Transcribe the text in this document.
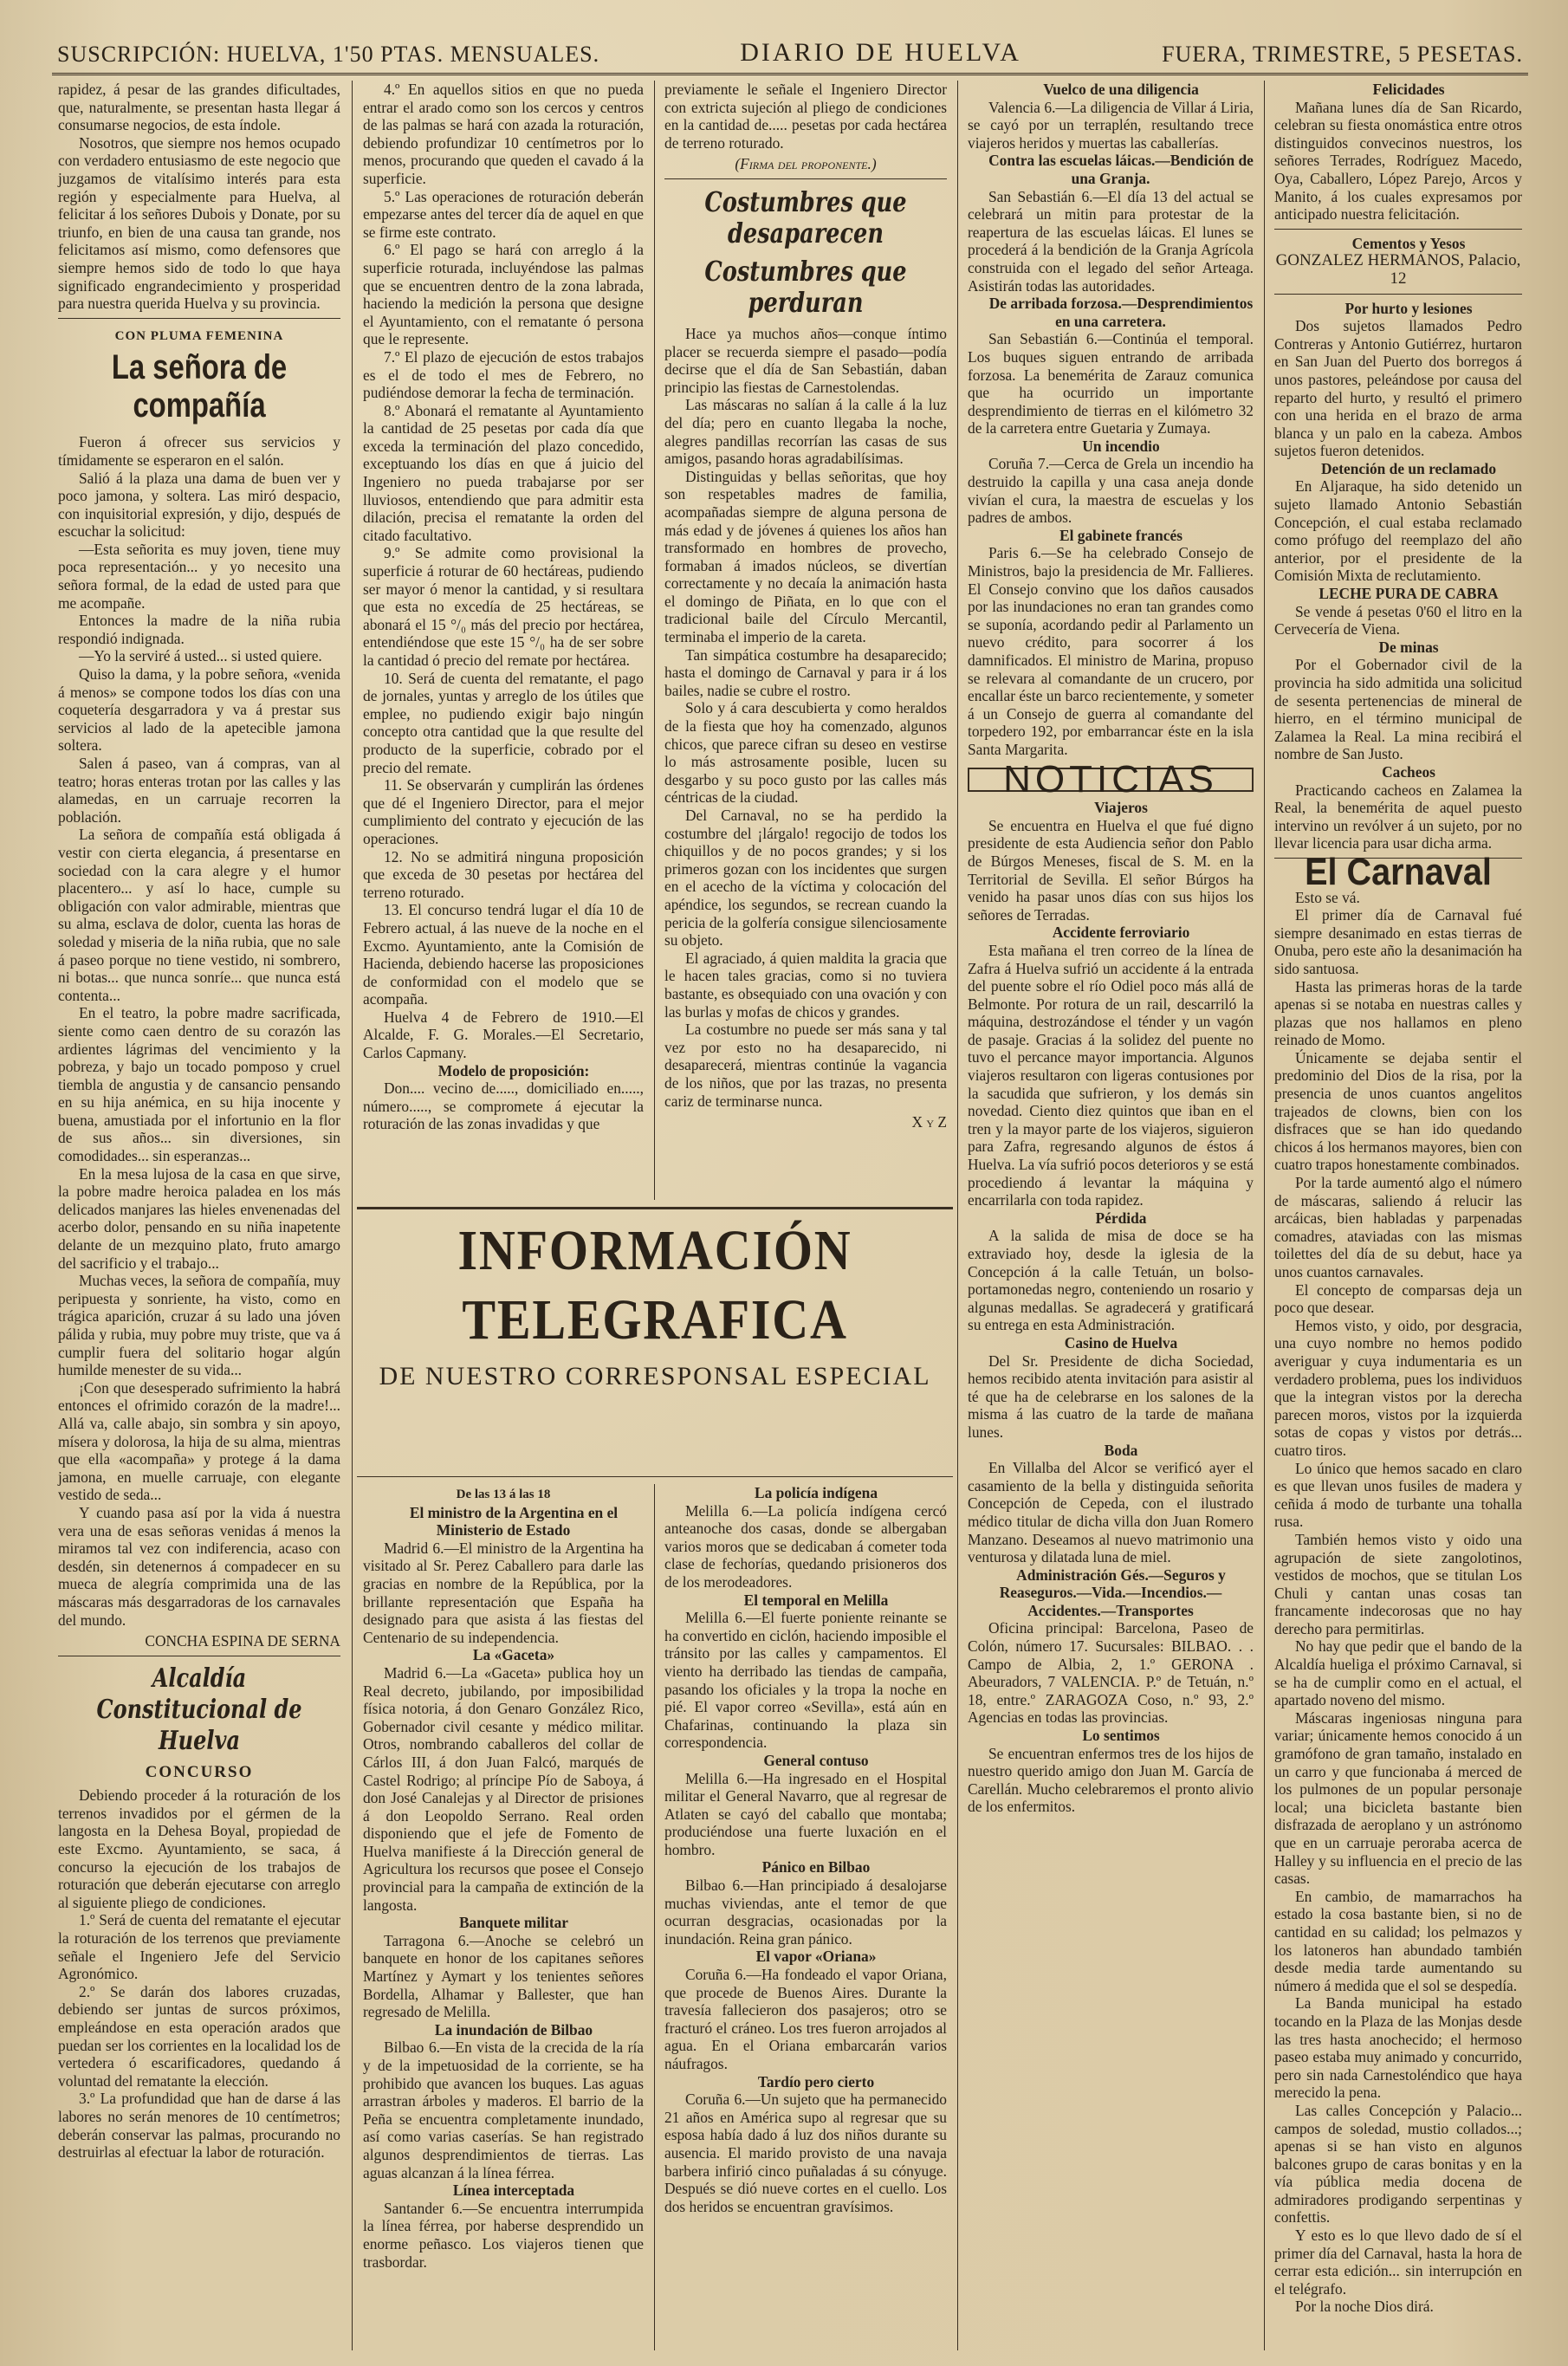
SUSCRIPCIÓN: HUELVA, 1'50 PTAS. MENSUALES.	DIARIO DE HUELVA	FUERA, TRIMESTRE, 5 PESETAS.

rapidez, á pesar de las grandes dificultades, que, naturalmente, se presentan hasta llegar á consumarse negocios, de esta índole.

Nosotros, que siempre nos hemos ocupado con verdadero entusiasmo de este negocio que juzgamos de vitalísimo interés para esta región y especialmente para Huelva, al felicitar á los señores Dubois y Donate, por su triunfo, en bien de una causa tan grande, nos felicitamos así mismo, como defensores que siempre hemos sido de todo lo que haya significado engrandecimiento y prosperidad para nuestra querida Huelva y su provincia.

CON PLUMA FEMENINA
La señora de compañía

Fueron á ofrecer sus servicios y tímidamente se esperaron en el salón.

Salió á la plaza una dama de buen ver y poco jamona, y soltera. Las miró despacio, con inquisitorial expresión, y dijo, después de escuchar la solicitud:

—Esta señorita es muy joven, tiene muy poca representación... y yo necesito una señora formal, de la edad de usted para que me acompañe.

Entonces la madre de la niña rubia respondió indignada.

—Yo la serviré á usted... si usted quiere.

Quiso la dama, y la pobre señora, «venida á menos» se compone todos los días con una coquetería desgarradora y va á prestar sus servicios al lado de la apetecible jamona soltera.

Salen á paseo, van á compras, van al teatro; horas enteras trotan por las calles y las alamedas, en un carruaje recorren la población.

La señora de compañía está obligada á vestir con cierta elegancia, á presentarse en sociedad con la cara alegre y el humor placentero... y así lo hace, cumple su obligación con valor admirable, mientras que su alma, esclava de dolor, cuenta las horas de soledad y miseria de la niña rubia, que no sale á paseo porque no tiene vestido, ni sombrero, ni botas... que nunca sonríe... que nunca está contenta...

En el teatro, la pobre madre sacrificada, siente como caen dentro de su corazón las ardientes lágrimas del vencimiento y la pobreza, y bajo un tocado pomposo y cruel tiembla de angustia y de cansancio pensando en su hija anémica, en su hija inocente y buena, amustiada por el infortunio en la flor de sus años... sin diversiones, sin comodidades... sin esperanzas...

En la mesa lujosa de la casa en que sirve, la pobre madre heroica paladea en los más delicados manjares las hieles envenenadas del acerbo dolor, pensando en su niña inapetente delante de un mezquino plato, fruto amargo del sacrificio y el trabajo...

Muchas veces, la señora de compañía, muy peripuesta y sonriente, ha visto, como en trágica aparición, cruzar á su lado una jóven pálida y rubia, muy pobre muy triste, que va á cumplir fuera del solitario hogar algún humilde menester de su vida...

¡Con que desesperado sufrimiento la habrá entonces el ofrimido corazón de la madre!... Allá va, calle abajo, sin sombra y sin apoyo, mísera y dolorosa, la hija de su alma, mientras que ella «acompaña» y protege á la dama jamona, en muelle carruaje, con elegante vestido de seda...

Y cuando pasa así por la vida á nuestra vera una de esas señoras venidas á menos la miramos tal vez con indiferencia, acaso con desdén, sin detenernos á compadecer en su mueca de alegría comprimida una de las máscaras más desgarradoras de los carnavales del mundo.

CONCHA ESPINA DE SERNA
Alcaldía Constitucional de Huelva
CONCURSO

Debiendo proceder á la roturación de los terrenos invadidos por el gérmen de la langosta en la Dehesa Boyal, propiedad de este Excmo. Ayuntamiento, se saca, á concurso la ejecución de los trabajos de roturación que deberán ejecutarse con arreglo al siguiente pliego de condiciones.

1.º Será de cuenta del rematante el ejecutar la roturación de los terrenos que previamente señale el Ingeniero Jefe del Servicio Agronómico.

2.º Se darán dos labores cruzadas, debiendo ser juntas de surcos próximos, empleándose en esta operación arados que puedan ser los corrientes en la localidad los de vertedera ó escarificadores, quedando á voluntad del rematante la elección.

3.º La profundidad que han de darse á las labores no serán menores de 10 centímetros; deberán conservar las palmas, procurando no destruirlas al efectuar la labor de roturación.

4.º En aquellos sitios en que no pueda entrar el arado como son los cercos y centros de las palmas se hará con azada la roturación, debiendo profundizar 10 centímetros por lo menos, procurando que queden el cavado á la superficie.

5.º Las operaciones de roturación deberán empezarse antes del tercer día de aquel en que se firme este contrato.

6.º El pago se hará con arreglo á la superficie roturada, incluyéndose las palmas que se encuentren dentro de la zona labrada, haciendo la medición la persona que designe el Ayuntamiento, con el rematante ó persona que le represente.

7.º El plazo de ejecución de estos trabajos es el de todo el mes de Febrero, no pudiéndose demorar la fecha de terminación.

8.º Abonará el rematante al Ayuntamiento la cantidad de 25 pesetas por cada día que exceda la terminación del plazo concedido, exceptuando los días en que á juicio del Ingeniero no pueda trabajarse por ser lluviosos, entendiendo que para admitir esta dilación, precisa el rematante la orden del citado facultativo.

9.º Se admite como provisional la superficie á roturar de 60 hectáreas, pudiendo ser mayor ó menor la cantidad, y si resultara que esta no excedía de 25 hectáreas, se abonará el 15 °/₀ más del precio por hectárea, entendiéndose que este 15 °/₀ ha de ser sobre la cantidad ó precio del remate por hectárea.

10. Será de cuenta del rematante, el pago de jornales, yuntas y arreglo de los útiles que emplee, no pudiendo exigir bajo ningún concepto otra cantidad que la que resulte del producto de la superficie, cobrado por el precio del remate.

11. Se observarán y cumplirán las órdenes que dé el Ingeniero Director, para el mejor cumplimiento del contrato y ejecución de las operaciones.

12. No se admitirá ninguna proposición que exceda de 30 pesetas por hectárea del terreno roturado.

13. El concurso tendrá lugar el día 10 de Febrero actual, á las nueve de la noche en el Excmo. Ayuntamiento, ante la Comisión de Hacienda, debiendo hacerse las proposiciones de conformidad con el modelo que se acompaña.

Huelva 4 de Febrero de 1910.—El Alcalde, F. G. Morales.—El Secretario, Carlos Capmany.

Modelo de proposición:

Don.... vecino de....., domiciliado en....., número....., se compromete á ejecutar la roturación de las zonas invadidas y que

previamente le señale el Ingeniero Director con extricta sujeción al pliego de condiciones en la cantidad de..... pesetas por cada hectárea de terreno roturado.

(Firma del proponente.)
Costumbres que desaparecen
Costumbres que perduran

Hace ya muchos años—conque íntimo placer se recuerda siempre el pasado—podía decirse que el día de San Sebastián, daban principio las fiestas de Carnestolendas.

Las máscaras no salían á la calle á la luz del día; pero en cuanto llegaba la noche, alegres pandillas recorrían las casas de sus amigos, pasando horas agradabilísimas.

Distinguidas y bellas señoritas, que hoy son respetables madres de familia, acompañadas siempre de alguna persona de más edad y de jóvenes á quienes los años han transformado en hombres de provecho, formaban á imados núcleos, se divertían correctamente y no decaía la animación hasta el domingo de Piñata, en lo que con el tradicional baile del Círculo Mercantil, terminaba el imperio de la careta.

Tan simpática costumbre ha desaparecido; hasta el domingo de Carnaval y para ir á los bailes, nadie se cubre el rostro.

Solo y á cara descubierta y como heraldos de la fiesta que hoy ha comenzado, algunos chicos, que parece cifran su deseo en vestirse lo más astrosamente posible, lucen su desgarbo y su poco gusto por las calles más céntricas de la ciudad.

Del Carnaval, no se ha perdido la costumbre del ¡lárgalo! regocijo de todos los chiquillos y de no pocos grandes; y si los primeros gozan con los incidentes que surgen en el acecho de la víctima y colocación del apéndice, los segundos, se recrean cuando la pericia de la golfería consigue silenciosamente su objeto.

El agraciado, á quien maldita la gracia que le hacen tales gracias, como si no tuviera bastante, es obsequiado con una ovación y con las burlas y mofas de chicos y grandes.

La costumbre no puede ser más sana y tal vez por esto no ha desaparecido, ni desaparecerá, mientras continúe la vagancia de los niños, que por las trazas, no presenta cariz de terminarse nunca.

X y Z
INFORMACIÓN TELEGRAFICA
DE NUESTRO CORRESPONSAL ESPECIAL
De las 13 á las 18

El ministro de la Argentina en el Ministerio de Estado

Madrid 6.—El ministro de la Argentina ha visitado al Sr. Perez Caballero para darle las gracias en nombre de la República, por la brillante representación que España ha designado para que asista á las fiestas del Centenario de su independencia.

La «Gaceta»

Madrid 6.—La «Gaceta» publica hoy un Real decreto, jubilando, por imposibilidad física notoria, á don Genaro González Rico, Gobernador civil cesante y médico militar. Otros, nombrando caballeros del collar de Cárlos III, á don Juan Falcó, marqués de Castel Rodrigo; al príncipe Pío de Saboya, á don José Canalejas y al Director de prisiones á don Leopoldo Serrano. Real orden disponiendo que el jefe de Fomento de Huelva manifieste á la Dirección general de Agricultura los recursos que posee el Consejo provincial para la campaña de extinción de la langosta.

Banquete militar

Tarragona 6.—Anoche se celebró un banquete en honor de los capitanes señores Martínez y Aymart y los tenientes señores Bordella, Alhamar y Ballester, que han regresado de Melilla.

La inundación de Bilbao

Bilbao 6.—En vista de la crecida de la ría y de la impetuosidad de la corriente, se ha prohibido que avancen los buques. Las aguas arrastran árboles y maderos. El barrio de la Peña se encuentra completamente inundado, así como varias caserías. Se han registrado algunos desprendimientos de tierras. Las aguas alcanzan á la línea férrea.

Línea interceptada

Santander 6.—Se encuentra interrumpida la línea férrea, por haberse desprendido un enorme peñasco. Los viajeros tienen que trasbordar.

La policía indígena

Melilla 6.—La policía indígena cercó anteanoche dos casas, donde se albergaban varios moros que se dedicaban á cometer toda clase de fechorías, quedando prisioneros dos de los merodeadores.

El temporal en Melilla

Melilla 6.—El fuerte poniente reinante se ha convertido en ciclón, haciendo imposible el tránsito por las calles y campamentos. El viento ha derribado las tiendas de campaña, pasando los oficiales y la tropa la noche en pié. El vapor correo «Sevilla», está aún en Chafarinas, continuando la plaza sin correspondencia.

General contuso

Melilla 6.—Ha ingresado en el Hospital militar el General Navarro, que al regresar de Atlaten se cayó del caballo que montaba; produciéndose una fuerte luxación en el hombro.

Pánico en Bilbao

Bilbao 6.—Han principiado á desalojarse muchas viviendas, ante el temor de que ocurran desgracias, ocasionadas por la inundación. Reina gran pánico.

El vapor «Oriana»

Coruña 6.—Ha fondeado el vapor Oriana, que procede de Buenos Aires. Durante la travesía fallecieron dos pasajeros; otro se fracturó el cráneo. Los tres fueron arrojados al agua. En el Oriana embarcarán varios náufragos.

Tardío pero cierto

Coruña 6.—Un sujeto que ha permanecido 21 años en América supo al regresar que su esposa había dado á luz dos niños durante su ausencia. El marido provisto de una navaja barbera infirió cinco puñaladas á su cónyuge. Después se dió nueve cortes en el cuello. Los dos heridos se encuentran gravísimos.

Vuelco de una diligencia

Valencia 6.—La diligencia de Villar á Liria, se cayó por un terraplén, resultando trece viajeros heridos y muertas las caballerías.

Contra las escuelas láicas.—Bendición de una Granja.

San Sebastián 6.—El día 13 del actual se celebrará un mitin para protestar de la reapertura de las escuelas láicas. El lunes se procederá á la bendición de la Granja Agrícola construida con el legado del señor Arteaga. Asistirán todas las autoridades.

De arribada forzosa.—Desprendimientos en una carretera.

San Sebastián 6.—Continúa el temporal. Los buques siguen entrando de arribada forzosa. La benemérita de Zarauz comunica que ha ocurrido un importante desprendimiento de tierras en el kilómetro 32 de la carretera entre Guetaria y Zumaya.

Un incendio

Coruña 7.—Cerca de Grela un incendio ha destruido la capilla y una casa aneja donde vivían el cura, la maestra de escuelas y los padres de ambos.

El gabinete francés

Paris 6.—Se ha celebrado Consejo de Ministros, bajo la presidencia de Mr. Fallieres. El Consejo convino que los daños causados por las inundaciones no eran tan grandes como se suponía, acordando pedir al Parlamento un nuevo crédito, para socorrer á los damnificados. El ministro de Marina, propuso se relevara al comandante de un crucero, por encallar éste un barco recientemente, y someter á un Consejo de guerra al comandante del torpedero 192, por embarrancar éste en la isla Santa Margarita.

NOTICIAS

Viajeros

Se encuentra en Huelva el que fué digno presidente de esta Audiencia señor don Pablo de Búrgos Meneses, fiscal de S. M. en la Territorial de Sevilla. El señor Búrgos ha venido ha pasar unos días con sus hijos los señores de Terradas.

Accidente ferroviario

Esta mañana el tren correo de la línea de Zafra á Huelva sufrió un accidente á la entrada del puente sobre el río Odiel poco más allá de Belmonte. Por rotura de un rail, descarriló la máquina, destrozándose el ténder y un vagón de pasaje. Gracias á la solidez del puente no tuvo el percance mayor importancia. Algunos viajeros resultaron con ligeras contusiones por la sacudida que sufrieron, y los demás sin novedad. Ciento diez quintos que iban en el tren y la mayor parte de los viajeros, siguieron para Zafra, regresando algunos de éstos á Huelva. La vía sufrió pocos deterioros y se está procediendo á levantar la máquina y encarrilarla con toda rapidez.

Pérdida

A la salida de misa de doce se ha extraviado hoy, desde la iglesia de la Concepción á la calle Tetuán, un bolso-portamonedas negro, conteniendo un rosario y algunas medallas. Se agradecerá y gratificará su entrega en esta Administración.

Casino de Huelva

Del Sr. Presidente de dicha Sociedad, hemos recibido atenta invitación para asistir al té que ha de celebrarse en los salones de la misma á las cuatro de la tarde de mañana lunes.

Boda

En Villalba del Alcor se verificó ayer el casamiento de la bella y distinguida señorita Concepción de Cepeda, con el ilustrado médico titular de dicha villa don Juan Romero Manzano. Deseamos al nuevo matrimonio una venturosa y dilatada luna de miel.

Administración Gés.—Seguros y Reaseguros.—Vida.—Incendios.—Accidentes.—Transportes

Oficina principal: Barcelona, Paseo de Colón, número 17. Sucursales: BILBAO. . . Campo de Albia, 2, 1.º GERONA . Abeuradors, 7 VALENCIA. P.º de Tetuán, n.º 18, entre.º ZARAGOZA Coso, n.º 93, 2.º Agencias en todas las provincias.

Lo sentimos

Se encuentran enfermos tres de los hijos de nuestro querido amigo don Juan M. García de Carellán. Mucho celebraremos el pronto alivio de los enfermitos.

Felicidades

Mañana lunes día de San Ricardo, celebran su fiesta onomástica entre otros distinguidos convecinos nuestros, los señores Terrades, Rodríguez Macedo, Oya, Caballero, López Parejo, Arcos y Manito, á los cuales expresamos por anticipado nuestra felicitación.

Cementos y Yesos

GONZALEZ HERMANOS, Palacio, 12

Por hurto y lesiones

Dos sujetos llamados Pedro Contreras y Antonio Gutiérrez, hurtaron en San Juan del Puerto dos borregos á unos pastores, peleándose por causa del reparto del hurto, y resultó el primero con una herida en el brazo de arma blanca y un palo en la cabeza. Ambos sujetos fueron detenidos.

Detención de un reclamado

En Aljaraque, ha sido detenido un sujeto llamado Antonio Sebastián Concepción, el cual estaba reclamado como prófugo del reemplazo del año anterior, por el presidente de la Comisión Mixta de reclutamiento.

LECHE PURA DE CABRA

Se vende á pesetas 0'60 el litro en la Cervecería de Viena.

De minas

Por el Gobernador civil de la provincia ha sido admitida una solicitud de sesenta pertenencias de mineral de hierro, en el término municipal de Zalamea la Real. La mina recibirá el nombre de San Justo.

Cacheos

Practicando cacheos en Zalamea la Real, la benemérita de aquel puesto intervino un revólver á un sujeto, por no llevar licencia para usar dicha arma.

El Carnaval

Esto se vá.

El primer día de Carnaval fué siempre desanimado en estas tierras de Onuba, pero este año la desanimación ha sido santuosa.

Hasta las primeras horas de la tarde apenas si se notaba en nuestras calles y plazas que nos hallamos en pleno reinado de Momo.

Únicamente se dejaba sentir el predominio del Dios de la risa, por la presencia de unos cuantos angelitos trajeados de clowns, bien con los disfraces que se han ido quedando chicos á los hermanos mayores, bien con cuatro trapos honestamente combinados.

Por la tarde aumentó algo el número de máscaras, saliendo á relucir las arcáicas, bien habladas y parpenadas comadres, ataviadas con las mismas toilettes del día de su debut, hace ya unos cuantos carnavales.

El concepto de comparsas deja un poco que desear.

Hemos visto, y oido, por desgracia, una cuyo nombre no hemos podido averiguar y cuya indumentaria es un verdadero problema, pues los individuos que la integran vistos por la derecha parecen moros, vistos por la izquierda sotas de copas y vistos por detrás... cuatro tiros.

Lo único que hemos sacado en claro es que llevan unos fusiles de madera y ceñida á modo de turbante una tohalla rusa.

También hemos visto y oido una agrupación de siete zangolotinos, vestidos de mochos, que se titulan Los Chuli y cantan unas cosas tan francamente indecorosas que no hay derecho para permitirlas.

No hay que pedir que el bando de la Alcaldía hueliga el próximo Carnaval, si se ha de cumplir como en el actual, el apartado noveno del mismo.

Máscaras ingeniosas ninguna para variar; únicamente hemos conocido á un gramófono de gran tamaño, instalado en un carro y que funcionaba á merced de los pulmones de un popular personaje local; una bicicleta bastante bien disfrazada de aeroplano y un astrónomo que en un carruaje peroraba acerca de Halley y su influencia en el precio de las casas.

En cambio, de mamarrachos ha estado la cosa bastante bien, si no de cantidad en su calidad; los pelmazos y los latoneros han abundado también desde media tarde aumentando su número á medida que el sol se despedía.

La Banda municipal ha estado tocando en la Plaza de las Monjas desde las tres hasta anochecido; el hermoso paseo estaba muy animado y concurrido, pero sin nada Carnestoléndico que haya merecido la pena.

Las calles Concepción y Palacio... campos de soledad, mustio collados...; apenas si se han visto en algunos balcones grupo de caras bonitas y en la vía pública media docena de admiradores prodigando serpentinas y confettis.

Y esto es lo que llevo dado de sí el primer día del Carnaval, hasta la hora de cerrar esta edición... sin interrupción en el telégrafo.

Por la noche Dios dirá.
